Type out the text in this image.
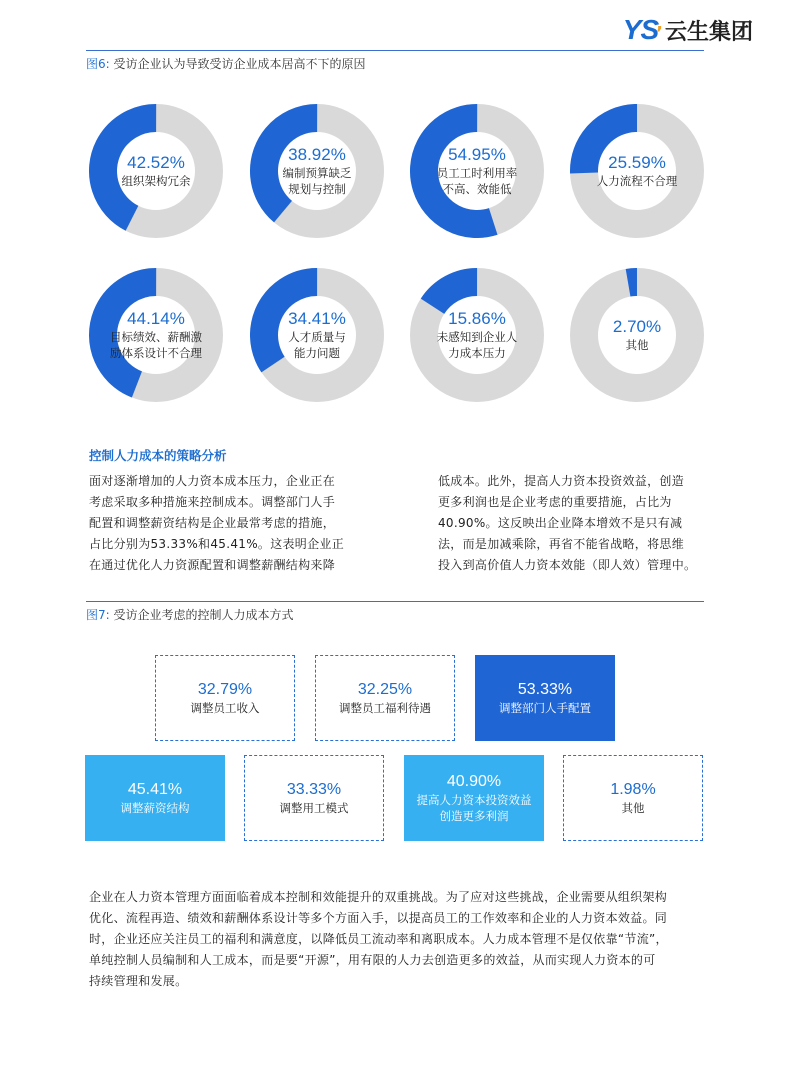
YS
’ 云生集团
图6: 受访企业认为导致受访企业成本居高不下的原因
42.52%
组织架构冗余
38.92%
编制预算缺乏
规划与控制
54.95%
员工工时利用率
不高、效能低
25.59%
人力流程不合理
44.14%
目标绩效、薪酬激
励体系设计不合理
34.41%
人才质量与
能力问题
15.86%
未感知到企业人
力成本压力
2.70%
其他
控制人力成本的策略分析
面对逐渐增加的人力资本成本压力，企业正在
考虑采取多种措施来控制成本。调整部门人手
配置和调整薪资结构是企业最常考虑的措施，
占比分别为53.33%和45.41%。这表明企业正
在通过优化人力资源配置和调整薪酬结构来降
低成本。此外，提高人力资本投资效益，创造
更多利润也是企业考虑的重要措施，占比为
40.90%。这反映出企业降本增效不是只有减
法，而是加减乘除，再省不能省战略，将思维
投入到高价值人力资本效能（即人效）管理中。
图7: 受访企业考虑的控制人力成本方式
32.79%
调整员工收入
32.25%
调整员工福利待遇
53.33%
调整部门人手配置
45.41%
调整薪资结构
33.33%
调整用工模式
40.90%
提高人力资本投资效益
创造更多利润
1.98%
其他
企业在人力资本管理方面面临着成本控制和效能提升的双重挑战。为了应对这些挑战，企业需要从组织架构
优化、流程再造、绩效和薪酬体系设计等多个方面入手，以提高员工的工作效率和企业的人力资本效益。同
时，企业还应关注员工的福利和满意度，以降低员工流动率和离职成本。人力成本管理不是仅依靠“节流”，
单纯控制人员编制和人工成本，而是要“开源”，用有限的人力去创造更多的效益，从而实现人力资本的可
持续管理和发展。
